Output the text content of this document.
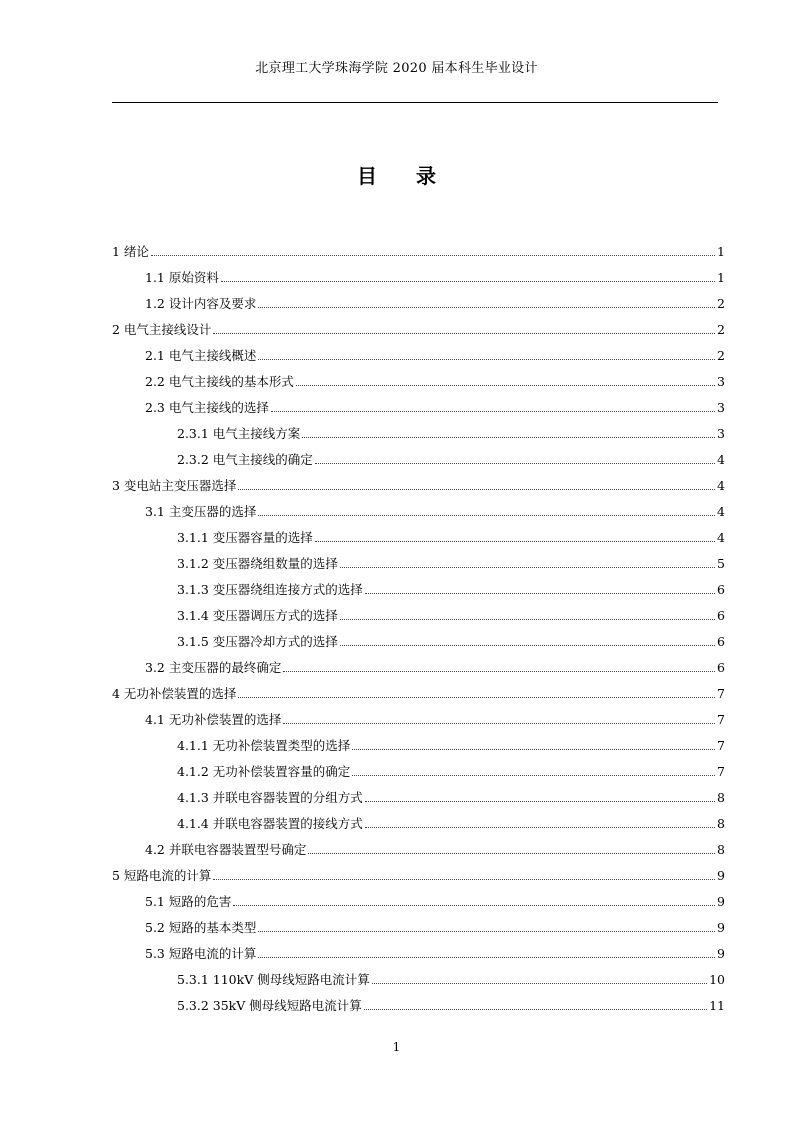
北京理工大学珠海学院 2020 届本科生毕业设计
目 录
1 绪论	1
1.1 原始资料	1
1.2 设计内容及要求	2
2 电气主接线设计	2
2.1 电气主接线概述	2
2.2 电气主接线的基本形式	3
2.3 电气主接线的选择	3
2.3.1 电气主接线方案	3
2.3.2 电气主接线的确定	4
3 变电站主变压器选择	4
3.1 主变压器的选择	4
3.1.1 变压器容量的选择	4
3.1.2 变压器绕组数量的选择	5
3.1.3 变压器绕组连接方式的选择	6
3.1.4 变压器调压方式的选择	6
3.1.5 变压器冷却方式的选择	6
3.2 主变压器的最终确定	6
4 无功补偿装置的选择	7
4.1 无功补偿装置的选择	7
4.1.1 无功补偿装置类型的选择	7
4.1.2 无功补偿装置容量的确定	7
4.1.3 并联电容器装置的分组方式	8
4.1.4 并联电容器装置的接线方式	8
4.2 并联电容器装置型号确定	8
5 短路电流的计算	9
5.1 短路的危害	9
5.2 短路的基本类型	9
5.3 短路电流的计算	9
5.3.1 110kV 侧母线短路电流计算	10
5.3.2 35kV 侧母线短路电流计算	11
1
